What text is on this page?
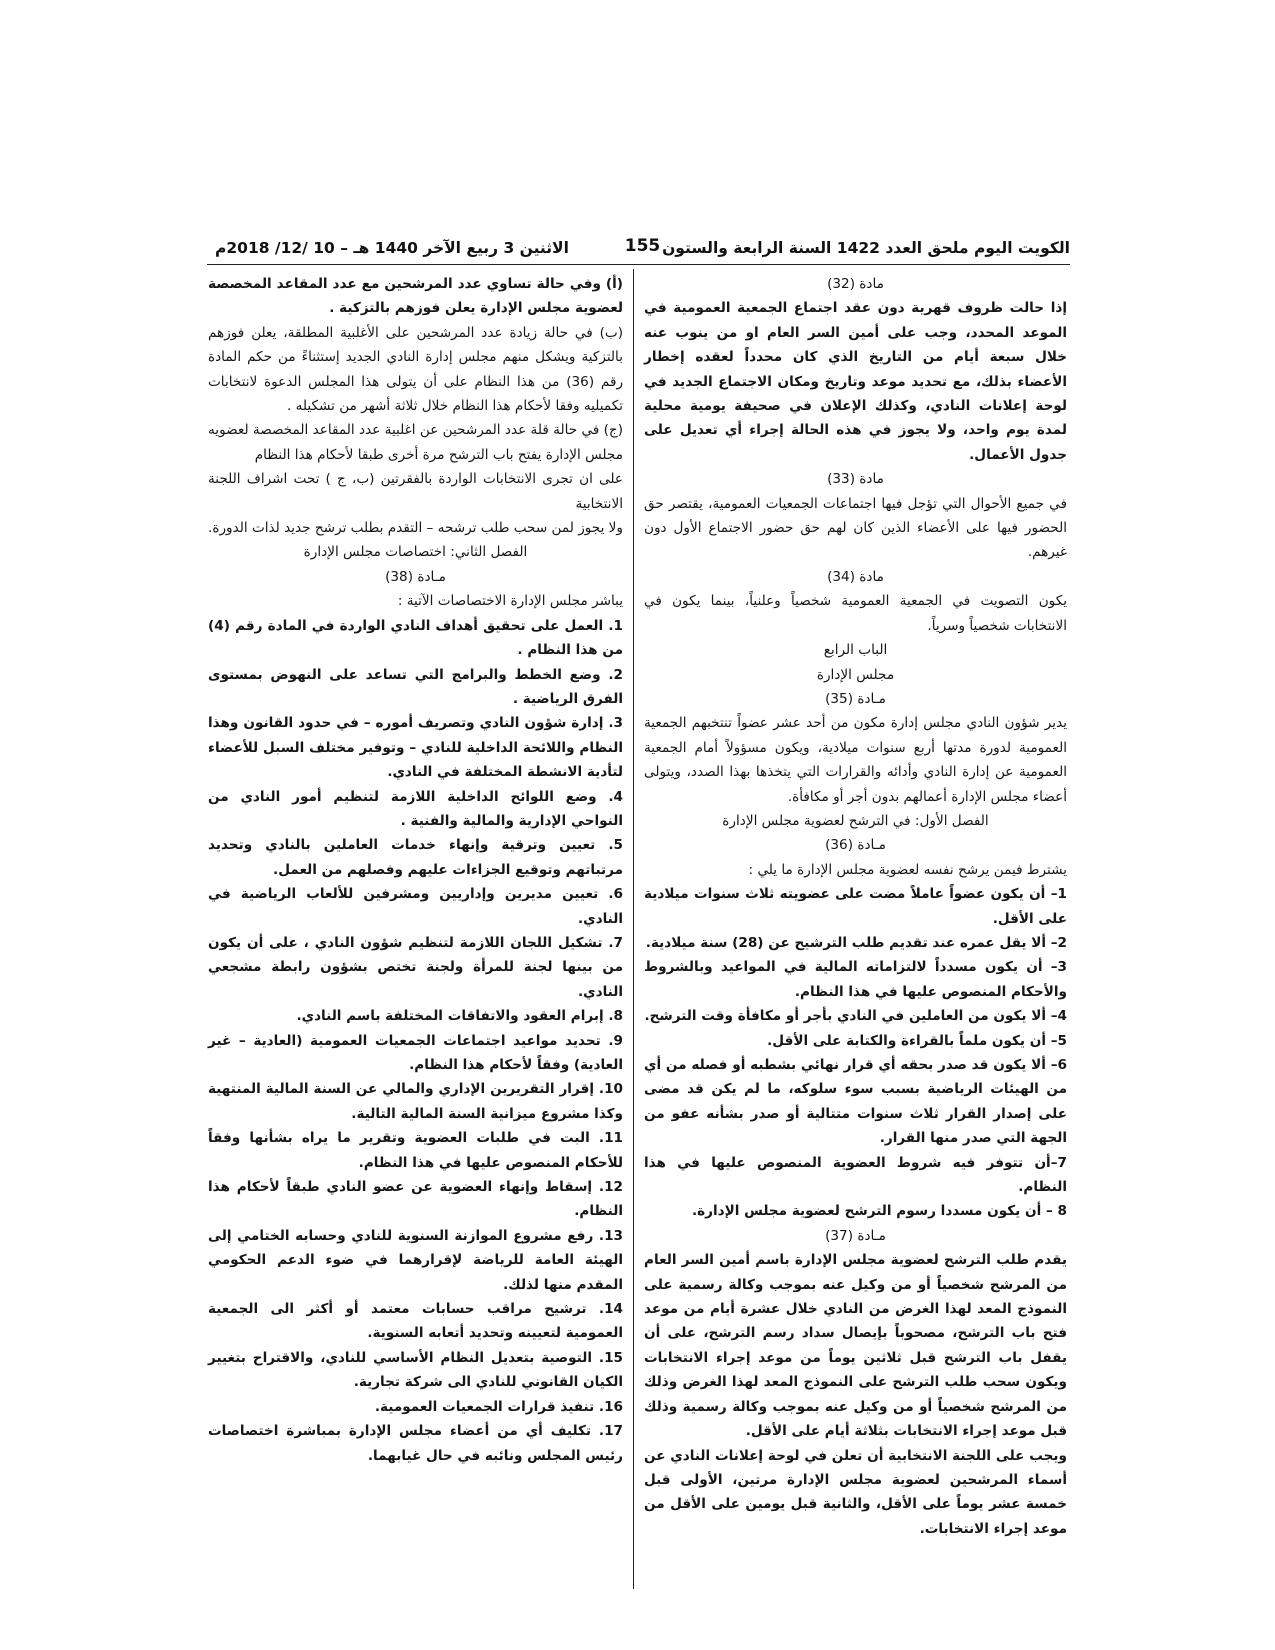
الكويت اليوم ملحق العدد 1422 السنة الرابعة والستون
155
الاثنين 3 ربيع الآخر 1440 هـ – 10 /12/ 2018م

مادة (32)

إذا حالت ظروف قهرية دون عقد اجتماع الجمعية العمومية في الموعد المحدد، وجب على أمين السر العام او من ينوب عنه خلال سبعة أيام من التاريخ الذي كان محدداً لعقده إخطار الأعضاء بذلك، مع تحديد موعد وتاريخ ومكان الاجتماع الجديد في لوحة إعلانات النادي، وكذلك الإعلان في صحيفة يومية محلية لمدة يوم واحد، ولا يجوز في هذه الحالة إجراء أي تعديل على جدول الأعمال.

مادة (33)

في جميع الأحوال التي تؤجل فيها اجتماعات الجمعيات العمومية، يقتصر حق الحضور فيها على الأعضاء الذين كان لهم حق حضور الاجتماع الأول دون غيرهم.

مادة (34)

يكون التصويت في الجمعية العمومية شخصياً وعلنياً، بينما يكون في الانتخابات شخصياً وسرياً.

الباب الرابع

مجلس الإدارة

مـادة (35)

يدير شؤون النادي مجلس إدارة مكون من أحد عشر عضواً تنتخبهم الجمعية العمومية لدورة مدتها أربع سنوات ميلادية، ويكون مسؤولاً أمام الجمعية العمومية عن إدارة النادي وأدائه والقرارات التي يتخذها بهذا الصدد، ويتولى أعضاء مجلس الإدارة أعمالهم بدون أجر أو مكافأة.

الفصل الأول: في الترشح لعضوية مجلس الإدارة

مـادة (36)

يشترط فيمن يرشح نفسه لعضوية مجلس الإدارة ما يلي :

1– أن يكون عضواً عاملاً مضت على عضويته ثلاث سنوات ميلادية على الأقل.

2– ألا يقل عمره عند تقديم طلب الترشيح عن (28) سنة ميلادية.

3– أن يكون مسدداً لالتزاماته المالية في المواعيد وبالشروط والأحكام المنصوص عليها في هذا النظام.

4– ألا يكون من العاملين في النادي بأجر أو مكافأة وقت الترشح.

5– أن يكون ملماً بالقراءة والكتابة على الأقل.

6– ألا يكون قد صدر بحقه أي قرار نهائي بشطبه أو فصله من أي من الهيئات الرياضية بسبب سوء سلوكه، ما لم يكن قد مضى على إصدار القرار ثلاث سنوات متتالية أو صدر بشأنه عفو من الجهة التي صدر منها القرار.

7–أن تتوفر فيه شروط العضوية المنصوص عليها في هذا النظام.

8 – أن يكون مسددا رسوم الترشح لعضوية مجلس الإدارة.

مـادة (37)

يقدم طلب الترشح لعضوية مجلس الإدارة باسم أمين السر العام من المرشح شخصياً أو من وكيل عنه بموجب وكالة رسمية على النموذج المعد لهذا الغرض من النادي خلال عشرة أيام من موعد فتح باب الترشح، مصحوباً بإيصال سداد رسم الترشح، على أن يقفل باب الترشح قبل ثلاثين يوماً من موعد إجراء الانتخابات ويكون سحب طلب الترشح على النموذج المعد لهذا الغرض وذلك من المرشح شخصياً أو من وكيل عنه بموجب وكالة رسمية وذلك قبل موعد إجراء الانتخابات بثلاثة أيام على الأقل.

ويجب على اللجنة الانتخابية أن تعلن في لوحة إعلانات النادي عن أسماء المرشحين لعضوية مجلس الإدارة مرتين، الأولى قبل خمسة عشر يوماً على الأقل، والثانية قبل يومين على الأقل من موعد إجراء الانتخابات.

(أ) وفي حالة تساوي عدد المرشحين مع عدد المقاعد المخصصة لعضوية مجلس الإدارة يعلن فوزهم بالتزكية .

(ب) في حالة زيادة عدد المرشحين على الأغلبية المطلقة، يعلن فوزهم بالتزكية ويشكل منهم مجلس إدارة النادي الجديد إستثناءً من حكم المادة رقم (36) من هذا النظام على أن يتولى هذا المجلس الدعوة لانتخابات تكميليه وفقا لأحكام هذا النظام خلال ثلاثة أشهر من تشكيله .

(ج) في حالة قلة عدد المرشحين عن اغلبية عدد المقاعد المخصصة لعضويه مجلس الإدارة يفتح باب الترشح مرة أخرى طبقا لأحكام هذا النظام

على ان تجرى الانتخابات الواردة بالفقرتين (ب، ج ) تحت اشراف اللجنة الانتخابية

ولا يجوز لمن سحب طلب ترشحه – التقدم بطلب ترشح جديد لذات الدورة.

الفصل الثاني: اختصاصات مجلس الإدارة

مـادة (38)

يباشر مجلس الإدارة الاختصاصات الآتية :

1. العمل على تحقيق أهداف النادي الواردة في المادة رقم (4) من هذا النظام .

2. وضع الخطط والبرامج التي تساعد على النهوض بمستوى الفرق الرياضية .

3. إدارة شؤون النادي وتصريف أموره – في حدود القانون وهذا النظام واللائحة الداخلية للنادي – وتوفير مختلف السبل للأعضاء لتأدية الانشطة المختلفة في النادي.

4. وضع اللوائح الداخلية اللازمة لتنظيم أمور النادي من النواحي الإدارية والمالية والفنية .

5. تعيين وترقية وإنهاء خدمات العاملين بالنادي وتحديد مرتباتهم وتوقيع الجزاءات عليهم وفصلهم من العمل.

6. تعيين مديرين وإداريين ومشرفين للألعاب الرياضية في النادي.

7. تشكيل اللجان اللازمة لتنظيم شؤون النادي ، على أن يكون من بينها لجنة للمرأة ولجنة تختص بشؤون رابطة مشجعي النادي.

8. إبرام العقود والاتفاقات المختلفة باسم النادي.

9. تحديد مواعيد اجتماعات الجمعيات العمومية (العادية – غير العادية) وفقاً لأحكام هذا النظام.

10. إقرار التقريرين الإداري والمالي عن السنة المالية المنتهية وكذا مشروع ميزانية السنة المالية التالية.

11. البت في طلبات العضوية وتقرير ما يراه بشأنها وفقاً للأحكام المنصوص عليها في هذا النظام.

12. إسقاط وإنهاء العضوية عن عضو النادي طبقاً لأحكام هذا النظام.

13. رفع مشروع الموازنة السنوية للنادي وحسابه الختامي إلى الهيئة العامة للرياضة لإقرارهما في ضوء الدعم الحكومي المقدم منها لذلك.

14. ترشيح مراقب حسابات معتمد أو أكثر الى الجمعية العمومية لتعيينه وتحديد أتعابه السنوية.

15. التوصية بتعديل النظام الأساسي للنادي، والاقتراح بتغيير الكيان القانوني للنادي الى شركة تجارية.

16. تنفيذ قرارات الجمعيات العمومية.

17. تكليف أي من أعضاء مجلس الإدارة بمباشرة اختصاصات رئيس المجلس ونائبه في حال غيابهما.
